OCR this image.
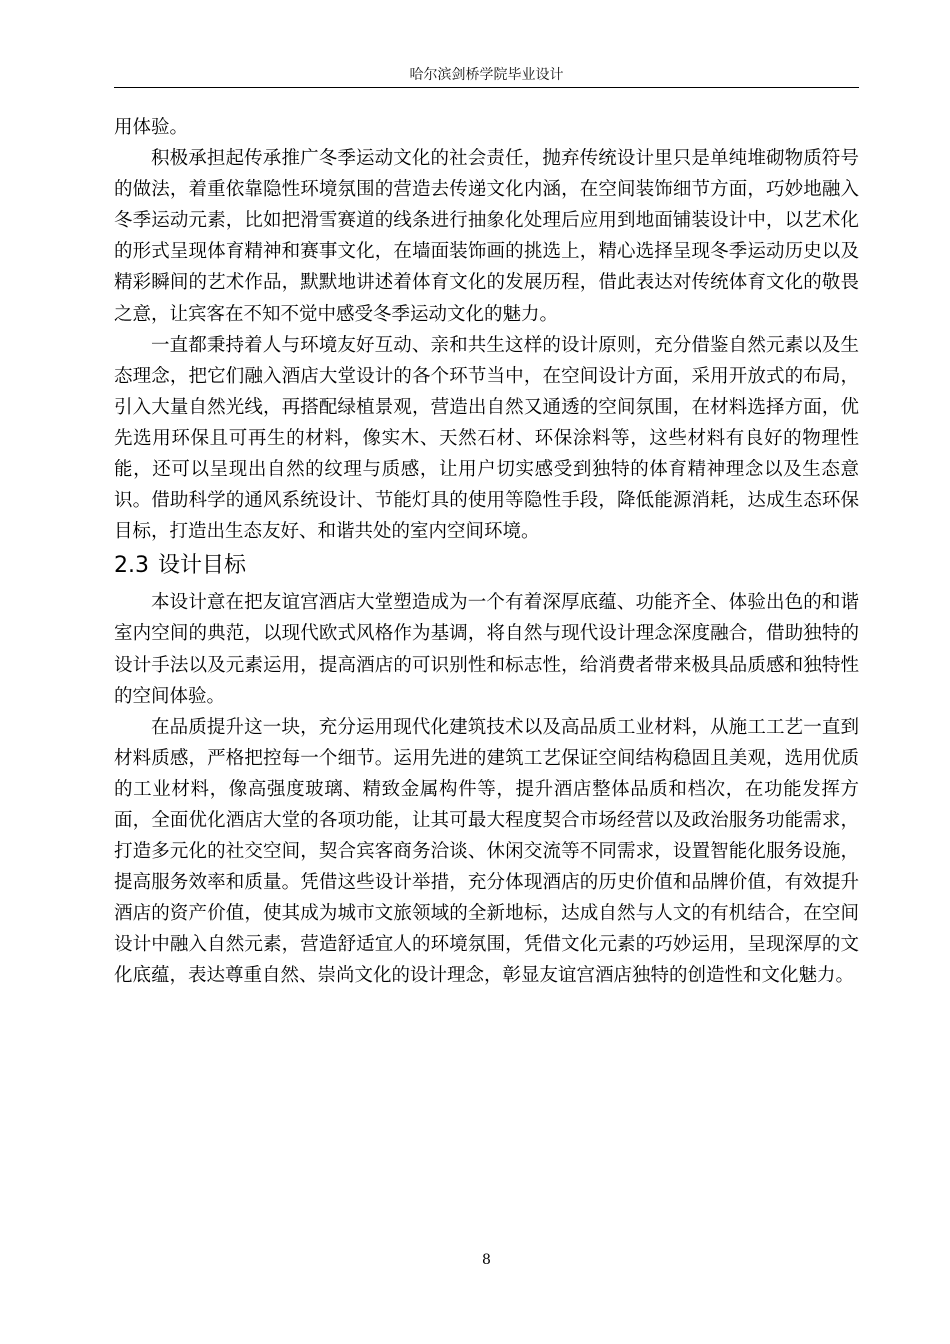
哈尔滨剑桥学院毕业设计

用体验。

积极承担起传承推广冬季运动文化的社会责任，抛弃传统设计里只是单纯堆砌物质符号的做法，着重依靠隐性环境氛围的营造去传递文化内涵，在空间装饰细节方面，巧妙地融入冬季运动元素，比如把滑雪赛道的线条进行抽象化处理后应用到地面铺装设计中，以艺术化的形式呈现体育精神和赛事文化，在墙面装饰画的挑选上，精心选择呈现冬季运动历史以及精彩瞬间的艺术作品，默默地讲述着体育文化的发展历程，借此表达对传统体育文化的敬畏之意，让宾客在不知不觉中感受冬季运动文化的魅力。

一直都秉持着人与环境友好互动、亲和共生这样的设计原则，充分借鉴自然元素以及生态理念，把它们融入酒店大堂设计的各个环节当中，在空间设计方面，采用开放式的布局，引入大量自然光线，再搭配绿植景观，营造出自然又通透的空间氛围，在材料选择方面，优先选用环保且可再生的材料，像实木、天然石材、环保涂料等，这些材料有良好的物理性能，还可以呈现出自然的纹理与质感，让用户切实感受到独特的体育精神理念以及生态意识。借助科学的通风系统设计、节能灯具的使用等隐性手段，降低能源消耗，达成生态环保目标，打造出生态友好、和谐共处的室内空间环境。

2.3 设计目标

本设计意在把友谊宫酒店大堂塑造成为一个有着深厚底蕴、功能齐全、体验出色的和谐室内空间的典范，以现代欧式风格作为基调，将自然与现代设计理念深度融合，借助独特的设计手法以及元素运用，提高酒店的可识别性和标志性，给消费者带来极具品质感和独特性的空间体验。

在品质提升这一块，充分运用现代化建筑技术以及高品质工业材料，从施工工艺一直到材料质感，严格把控每一个细节。运用先进的建筑工艺保证空间结构稳固且美观，选用优质的工业材料，像高强度玻璃、精致金属构件等，提升酒店整体品质和档次，在功能发挥方面，全面优化酒店大堂的各项功能，让其可最大程度契合市场经营以及政治服务功能需求，打造多元化的社交空间，契合宾客商务洽谈、休闲交流等不同需求，设置智能化服务设施，提高服务效率和质量。凭借这些设计举措，充分体现酒店的历史价值和品牌价值，有效提升酒店的资产价值，使其成为城市文旅领域的全新地标，达成自然与人文的有机结合，在空间设计中融入自然元素，营造舒适宜人的环境氛围，凭借文化元素的巧妙运用，呈现深厚的文化底蕴，表达尊重自然、崇尚文化的设计理念，彰显友谊宫酒店独特的创造性和文化魅力。

8
